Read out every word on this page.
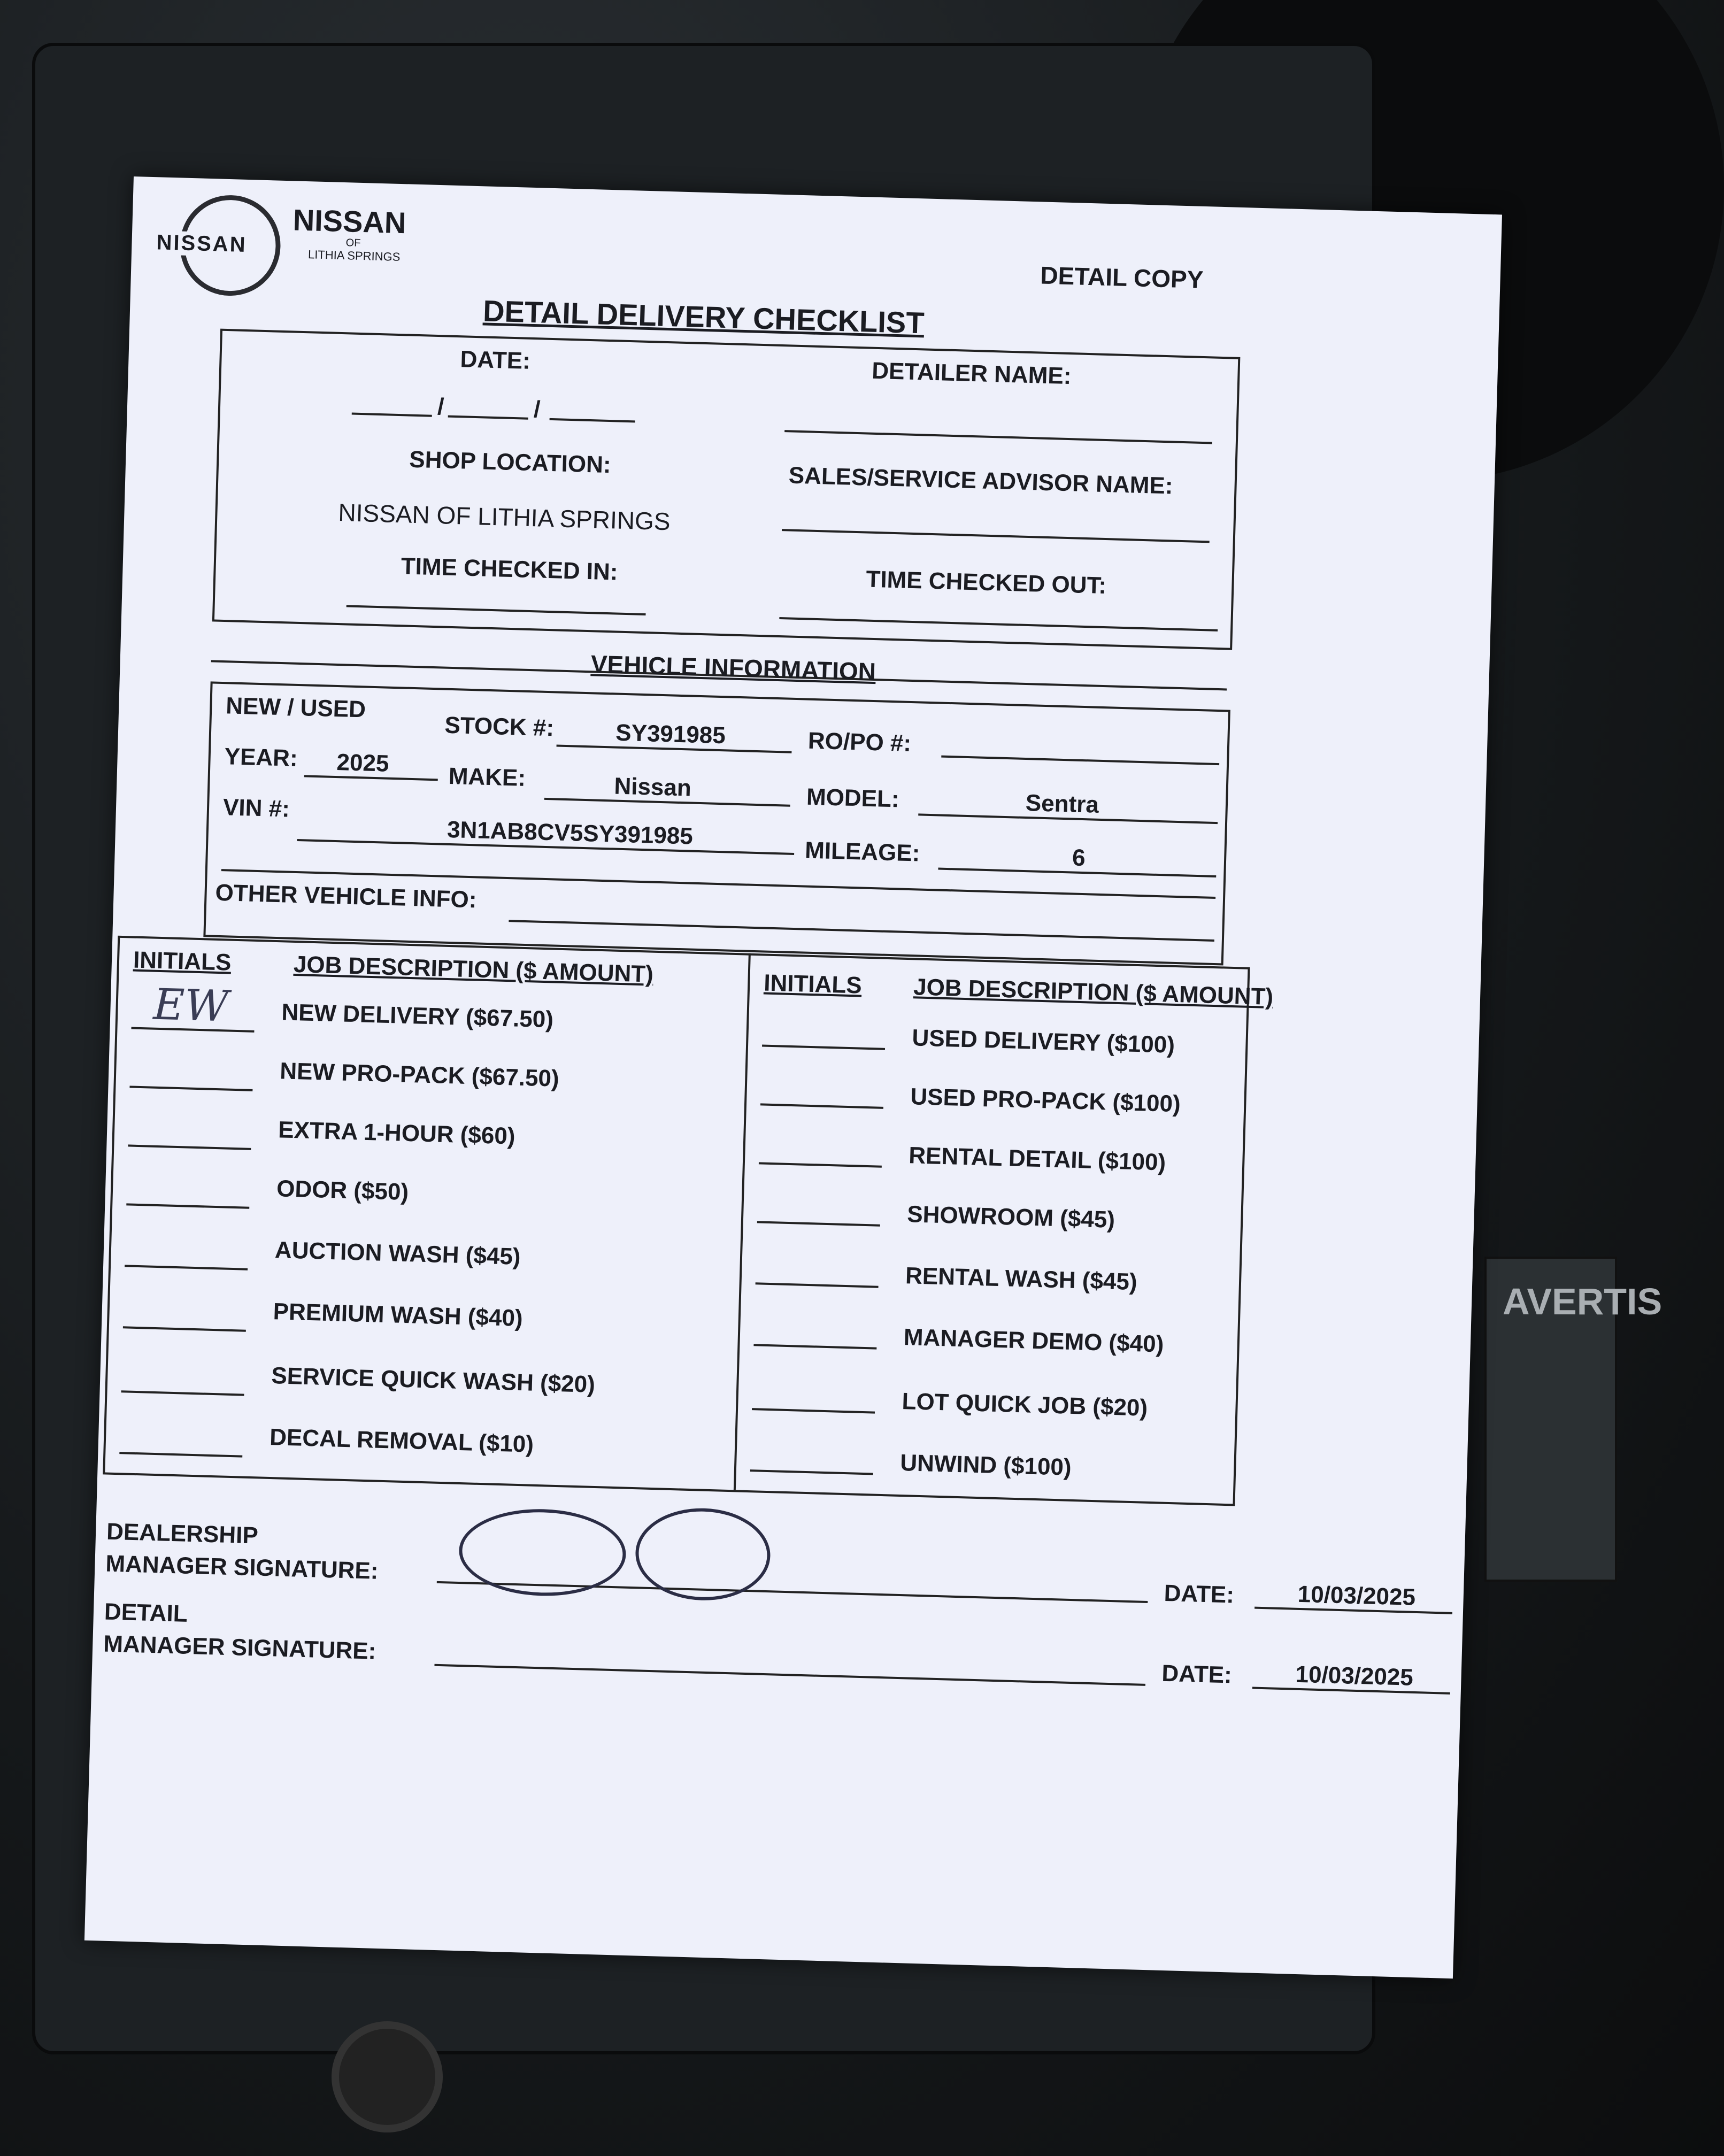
AVERTIS
NISSAN
NISSAN
OF
LITHIA SPRINGS
DETAIL COPY
DETAIL DELIVERY CHECKLIST
DATE:
/	/
DETAILER NAME:
SHOP LOCATION:
NISSAN OF LITHIA SPRINGS
SALES/SERVICE ADVISOR NAME:
TIME CHECKED IN:	TIME CHECKED OUT:
VEHICLE INFORMATION
NEW / USED
STOCK #:	SY391985	RO/PO #:
YEAR: 2025	MAKE:	Nissan	MODEL:	Sentra
VIN #:
3N1AB8CV5SY391985
MILEAGE:	6
OTHER VEHICLE INFO:
INITIALS	JOB DESCRIPTION ($ AMOUNT)	INITIALS JOB DESCRIPTION ($ AMOUNT)
EW NEW DELIVERY ($67.50)
NEW PRO-PACK ($67.50)
EXTRA 1-HOUR ($60)
ODOR ($50)
AUCTION WASH ($45)
PREMIUM WASH ($40)
SERVICE QUICK WASH ($20)
DECAL REMOVAL ($10)
USED DELIVERY ($100)
USED PRO-PACK ($100)
RENTAL DETAIL ($100)
SHOWROOM ($45)
RENTAL WASH ($45)
MANAGER DEMO ($40)
LOT QUICK JOB ($20)
UNWIND ($100)
DEALERSHIP
MANAGER SIGNATURE:
DATE:	10/03/2025
DETAIL
MANAGER SIGNATURE:
DATE:	10/03/2025
